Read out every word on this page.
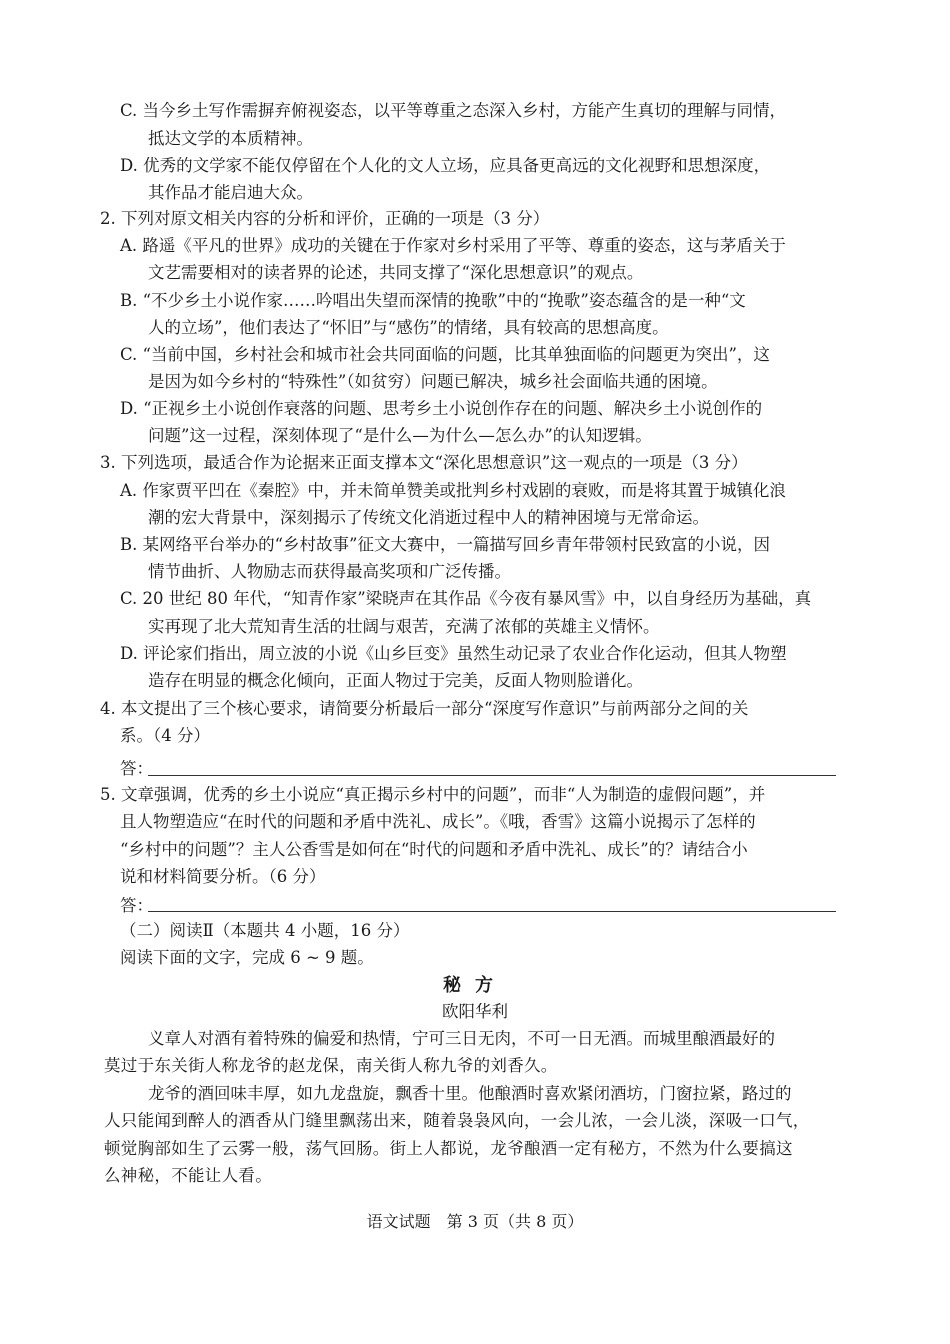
C. 当今乡土写作需摒弃俯视姿态，以平等尊重之态深入乡村，方能产生真切的理解与同情，
抵达文学的本质精神。
D. 优秀的文学家不能仅停留在个人化的文人立场，应具备更高远的文化视野和思想深度，
其作品才能启迪大众。
2. 下列对原文相关内容的分析和评价，正确的一项是（3 分）
A. 路遥《平凡的世界》成功的关键在于作家对乡村采用了平等、尊重的姿态，这与茅盾关于
文艺需要相对的读者界的论述，共同支撑了“深化思想意识”的观点。
B. “不少乡土小说作家……吟唱出失望而深情的挽歌”中的“挽歌”姿态蕴含的是一种“文
人的立场”，他们表达了“怀旧”与“感伤”的情绪，具有较高的思想高度。
C. “当前中国，乡村社会和城市社会共同面临的问题，比其单独面临的问题更为突出”，这
是因为如今乡村的“特殊性”（如贫穷）问题已解决，城乡社会面临共通的困境。
D. “正视乡土小说创作衰落的问题、思考乡土小说创作存在的问题、解决乡土小说创作的
问题”这一过程，深刻体现了“是什么—为什么—怎么办”的认知逻辑。
3. 下列选项，最适合作为论据来正面支撑本文“深化思想意识”这一观点的一项是（3 分）
A. 作家贾平凹在《秦腔》中，并未简单赞美或批判乡村戏剧的衰败，而是将其置于城镇化浪
潮的宏大背景中，深刻揭示了传统文化消逝过程中人的精神困境与无常命运。
B. 某网络平台举办的“乡村故事”征文大赛中，一篇描写回乡青年带领村民致富的小说，因
情节曲折、人物励志而获得最高奖项和广泛传播。
C. 20 世纪 80 年代，“知青作家”梁晓声在其作品《今夜有暴风雪》中，以自身经历为基础，真
实再现了北大荒知青生活的壮阔与艰苦，充满了浓郁的英雄主义情怀。
D. 评论家们指出，周立波的小说《山乡巨变》虽然生动记录了农业合作化运动，但其人物塑
造存在明显的概念化倾向，正面人物过于完美，反面人物则脸谱化。
4. 本文提出了三个核心要求，请简要分析最后一部分“深度写作意识”与前两部分之间的关
系。（4 分）
答：
5. 文章强调，优秀的乡土小说应“真正揭示乡村中的问题”，而非“人为制造的虚假问题”，并
且人物塑造应“在时代的问题和矛盾中洗礼、成长”。《哦，香雪》这篇小说揭示了怎样的
“乡村中的问题”？主人公香雪是如何在“时代的问题和矛盾中洗礼、成长”的？请结合小
说和材料简要分析。（6 分）
答：
（二）阅读Ⅱ（本题共 4 小题，16 分）
阅读下面的文字，完成 6 ~ 9 题。
秘方
欧阳华利
义章人对酒有着特殊的偏爱和热情，宁可三日无肉，不可一日无酒。而城里酿酒最好的
莫过于东关街人称龙爷的赵龙保，南关街人称九爷的刘香久。
龙爷的酒回味丰厚，如九龙盘旋，飘香十里。他酿酒时喜欢紧闭酒坊，门窗拉紧，路过的
人只能闻到醉人的酒香从门缝里飘荡出来，随着袅袅风向，一会儿浓，一会儿淡，深吸一口气，
顿觉胸部如生了云雾一般，荡气回肠。街上人都说，龙爷酿酒一定有秘方，不然为什么要搞这
么神秘，不能让人看。
语文试题　第 3 页（共 8 页）
